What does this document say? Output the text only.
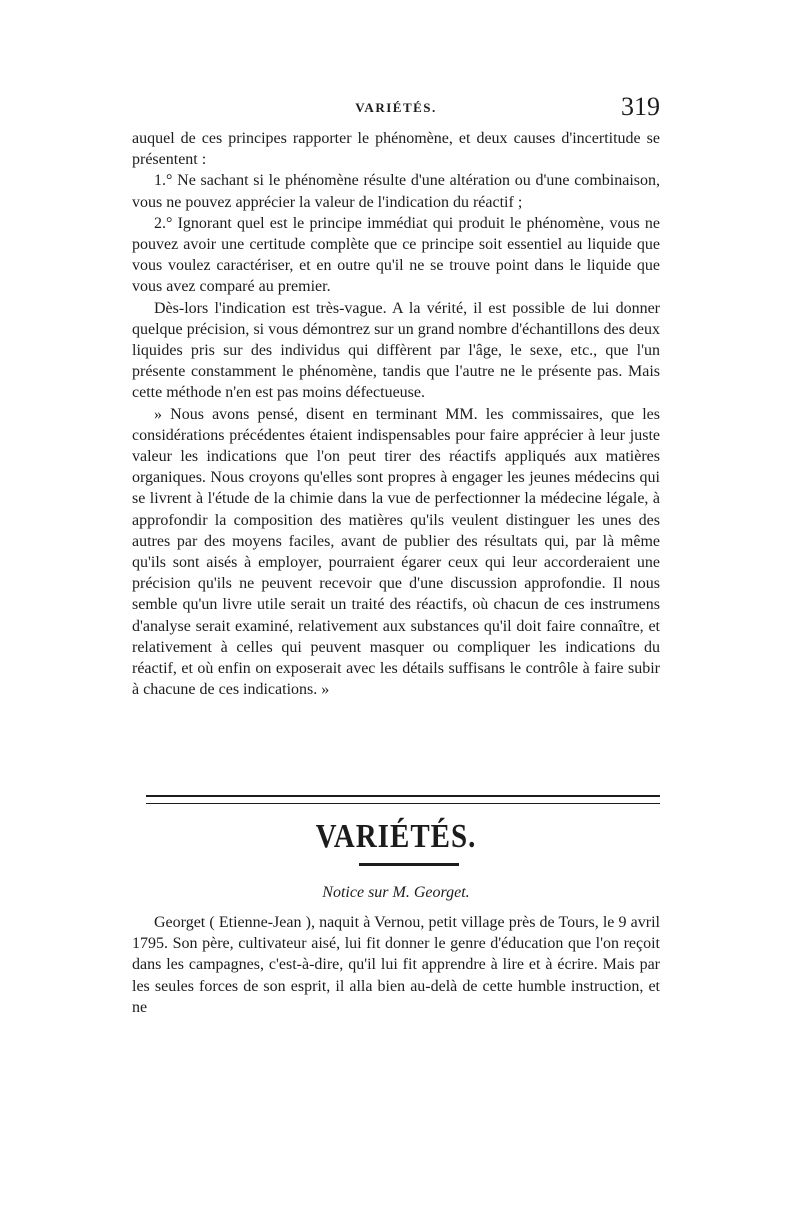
VARIÉTÉS.	319

auquel de ces principes rapporter le phénomène, et deux causes d'incertitude se présentent :

1.° Ne sachant si le phénomène résulte d'une altération ou d'une combinaison, vous ne pouvez apprécier la valeur de l'indication du réactif ;

2.° Ignorant quel est le principe immédiat qui produit le phénomène, vous ne pouvez avoir une certitude complète que ce principe soit essentiel au liquide que vous voulez caractériser, et en outre qu'il ne se trouve point dans le liquide que vous avez comparé au premier.

Dès-lors l'indication est très-vague. A la vérité, il est possible de lui donner quelque précision, si vous démontrez sur un grand nombre d'échantillons des deux liquides pris sur des individus qui diffèrent par l'âge, le sexe, etc., que l'un présente constamment le phénomène, tandis que l'autre ne le présente pas. Mais cette méthode n'en est pas moins défectueuse.

» Nous avons pensé, disent en terminant MM. les commissaires, que les considérations précédentes étaient indispensables pour faire apprécier à leur juste valeur les indications que l'on peut tirer des réactifs appliqués aux matières organiques. Nous croyons qu'elles sont propres à engager les jeunes médecins qui se livrent à l'étude de la chimie dans la vue de perfectionner la médecine légale, à approfondir la composition des matières qu'ils veulent distinguer les unes des autres par des moyens faciles, avant de publier des résultats qui, par là même qu'ils sont aisés à employer, pourraient égarer ceux qui leur accorderaient une précision qu'ils ne peuvent recevoir que d'une discussion approfondie. Il nous semble qu'un livre utile serait un traité des réactifs, où chacun de ces instrumens d'analyse serait examiné, relativement aux substances qu'il doit faire connaître, et relativement à celles qui peuvent masquer ou compliquer les indications du réactif, et où enfin on exposerait avec les détails suffisans le contrôle à faire subir à chacune de ces indications. »

VARIÉTÉS.
Notice sur M. Georget.

Georget ( Etienne-Jean ), naquit à Vernou, petit village près de Tours, le 9 avril 1795. Son père, cultivateur aisé, lui fit donner le genre d'éducation que l'on reçoit dans les campagnes, c'est-à-dire, qu'il lui fit apprendre à lire et à écrire. Mais par les seules forces de son esprit, il alla bien au-delà de cette humble instruction, et ne
